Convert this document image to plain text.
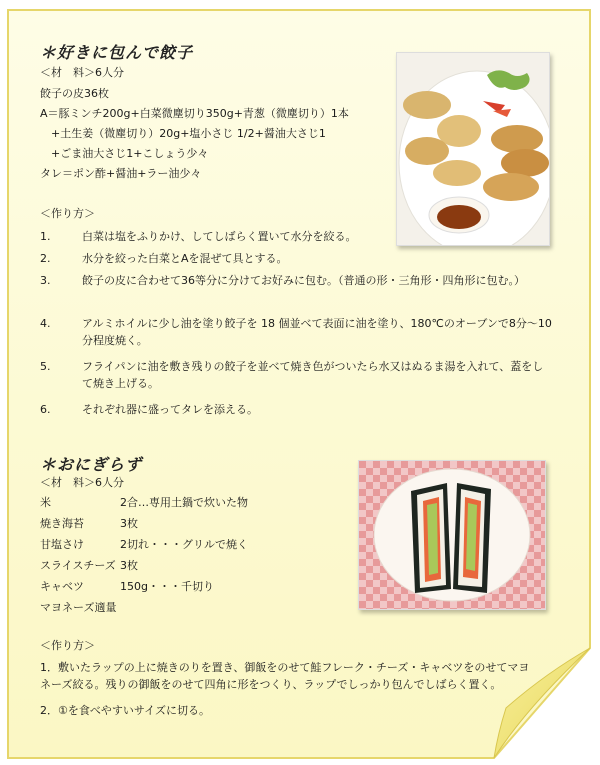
＊好きに包んで餃子
＜材　料＞6人分
餃子の皮36枚
A＝豚ミンチ200g+白菜微塵切り350g+青葱（微塵切り）1本
　+土生姜（微塵切り）20g+塩小さじ 1/2+醤油大さじ1
　+ごま油大さじ1+こしょう少々
タレ＝ポン酢+醤油+ラー油少々
＜作り方＞
1.	白菜は塩をふりかけ、してしばらく置いて水分を絞る。
2.	水分を絞った白菜とAを混ぜて具とする。
3.	餃子の皮に合わせて36等分に分けてお好みに包む。（普通の形・三角形・四角形に包む。）
4.	アルミホイルに少し油を塗り餃子を 18 個並べて表面に油を塗り、180℃のオーブンで8分～10 分程度焼く。
5.	フライパンに油を敷き残りの餃子を並べて焼き色がついたら水又はぬるま湯を入れて、蓋をして焼き上げる。
6.	それぞれ器に盛ってタレを添える。
＊おにぎらず
＜材　料＞6人分
米	2合…専用土鍋で炊いた物
焼き海苔	3枚
甘塩さけ	2切れ・・・グリルで焼く
スライスチーズ 3枚
キャベツ	150g・・・千切り
マヨネーズ適量
＜作り方＞
1．敷いたラップの上に焼きのりを置き、御飯をのせて鮭フレーク・チーズ・キャベツをのせてマヨネーズ絞る。残りの御飯をのせて四角に形をつくり、ラップでしっかり包んでしばらく置く。
2．①を食べやすいサイズに切る。
